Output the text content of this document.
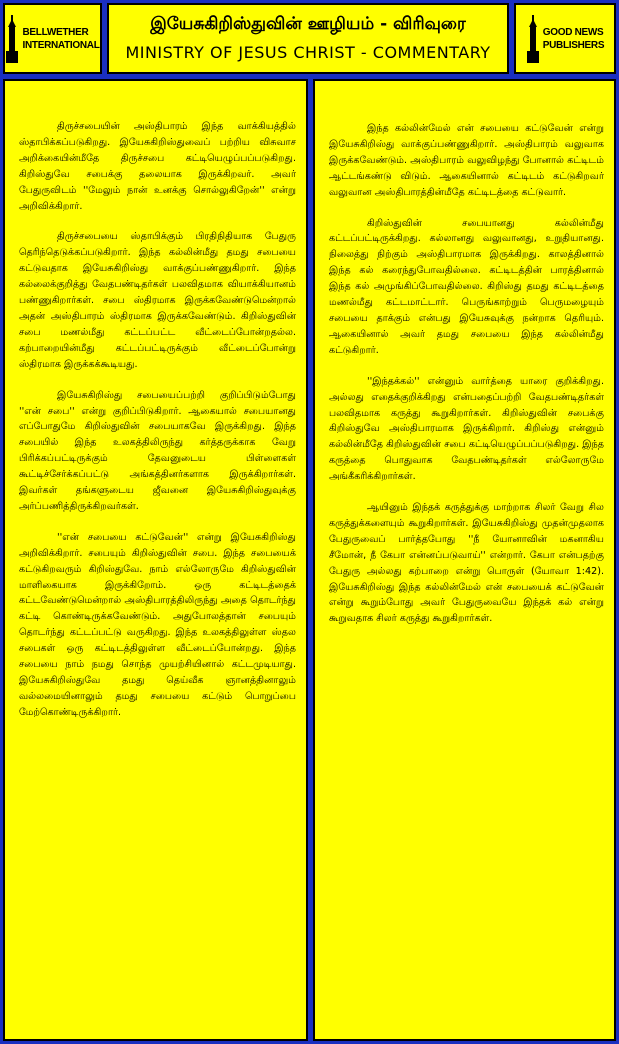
BELLWETHER
INTERNATIONAL
இயேசுகிறிஸ்துவின் ஊழியம் - விரிவுரை
MINISTRY OF JESUS CHRIST - COMMENTARY
GOOD NEWS
PUBLISHERS

திருச்சபையின் அஸ்திபாரம் இந்த வாக்கியத்தில் ஸ்தாபிக்கப்படுகிறது. இயேசுகிறிஸ்துவைப் பற்றிய விசுவாச அறிக்கையின்மீதே திருச்சபை கட்டியெழுப்பப்படுகிறது. கிறிஸ்துவே சபைக்கு தலையாக இருக்கிறவர். அவர் பேதுருவிடம் ''மேலும் நான் உனக்கு சொல்லுகிறேன்'' என்று அறிவிக்கிறார்.

திருச்சபையை ஸ்தாபிக்கும் பிரதிநிதியாக பேதுரு தெரிந்தெடுக்கப்படுகிறார். இந்த கல்லின்மீது தமது சபையை கட்டுவதாக இயேசுகிறிஸ்து வாக்குப்பண்ணுகிறார். இந்த கல்லைக்குறித்து வேதபண்டிதர்கள் பலவிதமாக வியாக்கியானம் பண்ணுகிறார்கள். சபை ஸ்திரமாக இருக்கவேண்டுமென்றால் அதன் அஸ்திபாரம் ஸ்திரமாக இருக்கவேண்டும். கிறிஸ்துவின் சபை மணல்மீது கட்டப்பட்ட வீட்டைப்போன்றதல்ல. கற்பாறையின்மீது கட்டப்பட்டிருக்கும் வீட்டைப்போன்று ஸ்திரமாக இருக்கக்கூடியது.

இயேசுகிறிஸ்து சபையைப்பற்றி குறிப்பிடும்போது ''என் சபை'' என்று குறிப்பிடுகிறார். ஆகையால் சபையானது எப்போதுமே கிறிஸ்துவின் சபையாகவே இருக்கிறது. இந்த சபையில் இந்த உலகத்திலிருந்து கர்த்தருக்காக வேறு பிரிக்கப்பட்டிருக்கும் தேவனுடைய பிள்ளைகள் கூட்டிச்சேர்க்கப்பட்டு அங்கத்தினர்களாக இருக்கிறார்கள். இவர்கள் தங்களுடைய ஜீவனை இயேசுகிறிஸ்துவுக்கு அர்ப்பணித்திருக்கிறவர்கள்.

''என் சபையை கட்டுவேன்'' என்று இயேசுகிறிஸ்து அறிவிக்கிறார். சபையும் கிறிஸ்துவின் சபை. இந்த சபையைக் கட்டுகிறவரும் கிறிஸ்துவே. நாம் எல்லோருமே கிறிஸ்துவின் மாளிகையாக இருக்கிறோம். ஒரு கட்டிடத்தைக் கட்டவேண்டுமென்றால் அஸ்திபாரத்திலிருந்து அதை தொடர்ந்து கட்டி கொண்டிருக்கவேண்டும். அதுபோலத்தான் சபையும் தொடர்ந்து கட்டப்பட்டு வருகிறது. இந்த உலகத்திலுள்ள ஸ்தல சபைகள் ஒரு கட்டிடத்திலுள்ள வீட்டைப்போன்றது. இந்த சபையை நாம் நமது சொந்த முயற்சியினால் கட்டமுடியாது. இயேசுகிறிஸ்துவே தமது தெய்வீக ஞானத்தினாலும் வல்லமையினாலும் தமது சபையை கட்டும் பொறுப்பை மேற்கொண்டிருக்கிறார்.

இந்த கல்லின்மேல் என் சபையை கட்டுவேன் என்று இயேசுகிறிஸ்து வாக்குப்பண்ணுகிறார். அஸ்திபாரம் வலுவாக இருக்கவேண்டும். அஸ்திபாரம் வலுவிழந்து போனால் கட்டிடம் ஆட்டங்கண்டு விடும். ஆகையினால் கட்டிடம் கட்டுகிறவர் வலுவான அஸ்திபாரத்தின்மீதே கட்டிடத்தை கட்டுவார்.

கிறிஸ்துவின் சபையானது கல்லின்மீது கட்டப்பட்டிருக்கிறது. கல்லானது வலுவானது, உறுதியானது. நிலைத்து நிற்கும் அஸ்திபாரமாக இருக்கிறது. காலத்தினால் இந்த கல் கரைந்துபோவதில்லை. கட்டிடத்தின் பாரத்தினால் இந்த கல் அமுங்கிப்போவதில்லை. கிறிஸ்து தமது கட்டிடத்தை மணல்மீது கட்டமாட்டார். பெருங்காற்றும் பெருமழையும் சபையை தாக்கும் என்பது இயேசுவுக்கு நன்றாக தெரியும். ஆகையினால் அவர் தமது சபையை இந்த கல்லின்மீது கட்டுகிறார்.

''இந்தக்கல்'' என்னும் வார்த்தை யாரை குறிக்கிறது. அல்லது எதைக்குறிக்கிறது என்பதைப்பற்றி வேதபண்டிதர்கள் பலவிதமாக கருத்து கூறுகிறார்கள். கிறிஸ்துவின் சபைக்கு கிறிஸ்துவே அஸ்திபாரமாக இருக்கிறார். கிறிஸ்து என்னும் கல்லின்மீதே கிறிஸ்துவின் சபை கட்டியெழுப்பப்படுகிறது. இந்த கருத்தை பொதுவாக வேதபண்டிதர்கள் எல்லோருமே அங்கீகரிக்கிறார்கள்.

ஆயினும் இந்தக் கருத்துக்கு மாற்றாக சிலர் வேறு சில கருத்துக்களையும் கூறுகிறார்கள். இயேசுகிறிஸ்து முதன்முதலாக பேதுருவைப் பார்த்தபோது ''நீ யோனாவின் மகனாகிய சீமோன், நீ கேபா என்னப்படுவாய்'' என்றார். கேபா என்பதற்கு பேதுரு அல்லது கற்பாறை என்று பொருள் (யோவா 1:42). இயேசுகிறிஸ்து இந்த கல்லின்மேல் என் சபையைக் கட்டுவேன் என்று கூறும்போது அவர் பேதுருவையே இந்தக் கல் என்று கூறுவதாக சிலர் கருத்து கூறுகிறார்கள்.
